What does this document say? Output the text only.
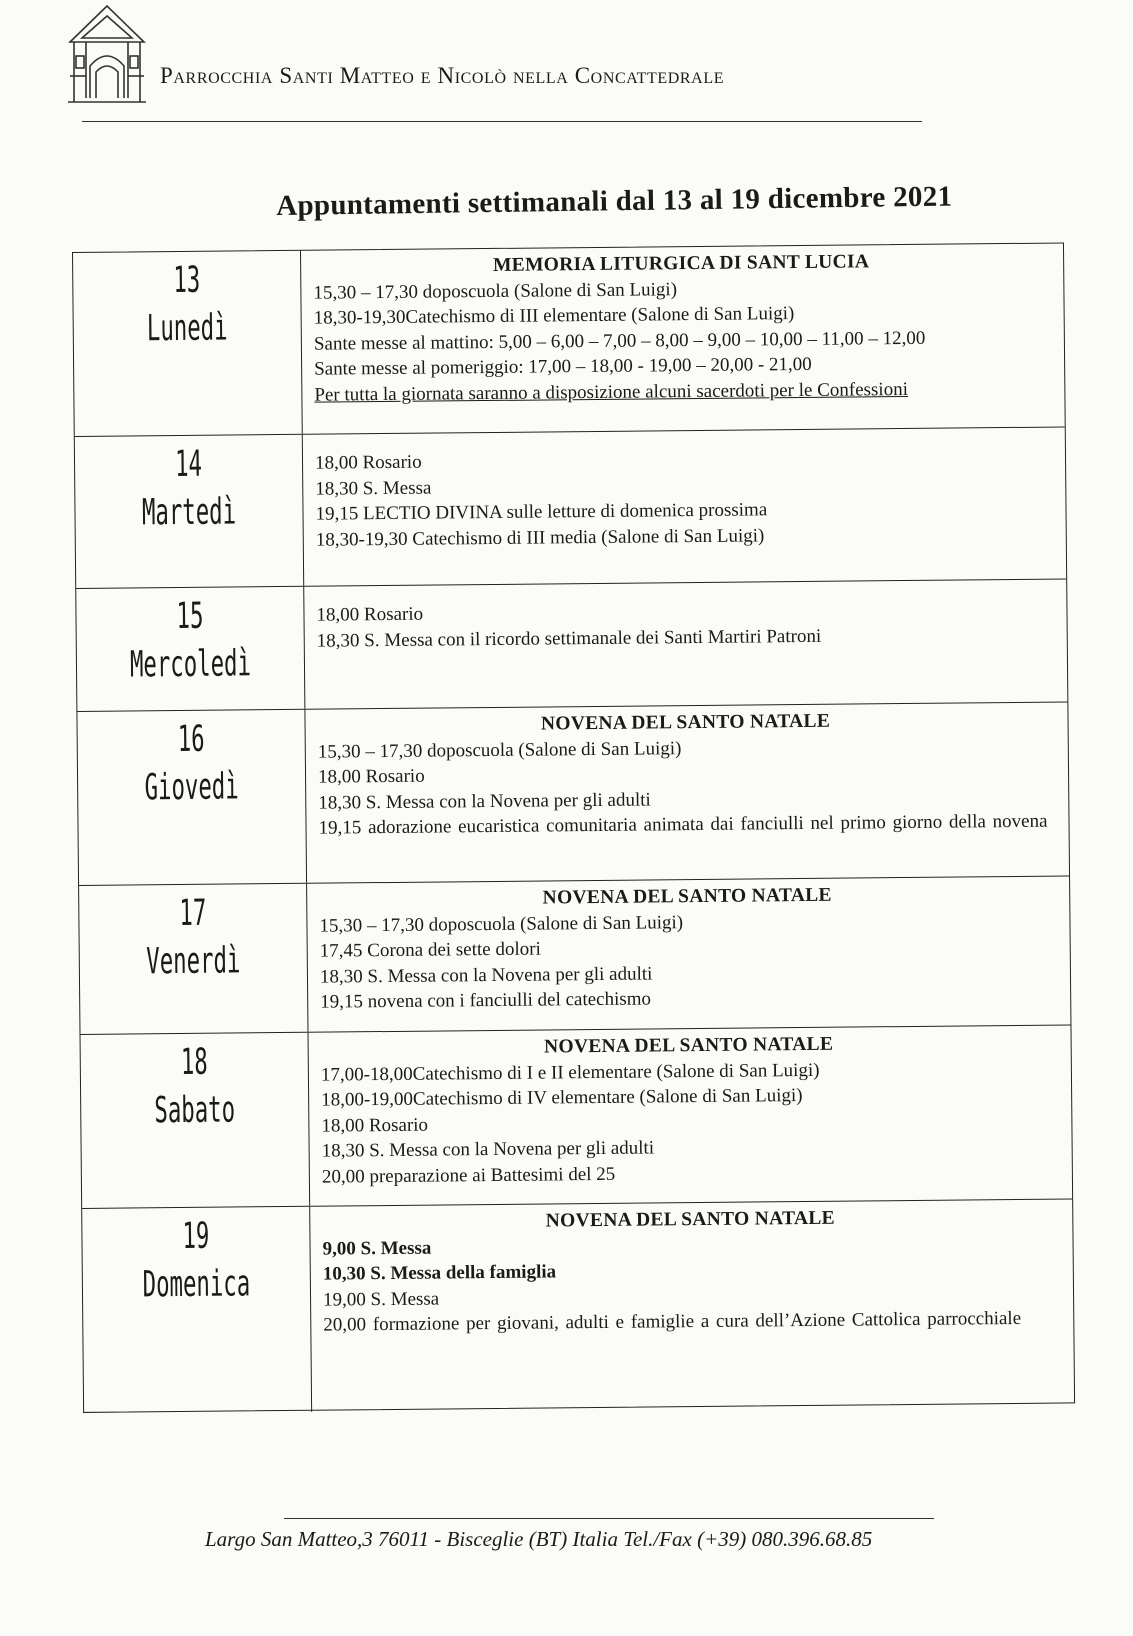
Parrocchia Santi Matteo e Nicolò nella Concattedrale
Appuntamenti settimanali dal 13 al 19 dicembre 2021
13
Lunedì
MEMORIA LITURGICA DI SANT LUCIA
15,30 – 17,30 doposcuola (Salone di San Luigi)
18,30-19,30Catechismo di III elementare (Salone di San Luigi)
Sante messe al mattino: 5,00 – 6,00 – 7,00 – 8,00 – 9,00 – 10,00 – 11,00 – 12,00
Sante messe al pomeriggio: 17,00 – 18,00 - 19,00 – 20,00 - 21,00
Per tutta la giornata saranno a disposizione alcuni sacerdoti per le Confessioni
14
Martedì
18,00 Rosario
18,30 S. Messa
19,15 LECTIO DIVINA sulle letture di domenica prossima
18,30-19,30 Catechismo di III media (Salone di San Luigi)
15
Mercoledì
18,00 Rosario
18,30 S. Messa con il ricordo settimanale dei Santi Martiri Patroni
16
Giovedì
NOVENA DEL SANTO NATALE
15,30 – 17,30 doposcuola (Salone di San Luigi)
18,00 Rosario
18,30 S. Messa con la Novena per gli adulti
19,15 adorazione eucaristica comunitaria animata dai fanciulli nel primo giorno della novena
17
Venerdì
NOVENA DEL SANTO NATALE
15,30 – 17,30 doposcuola (Salone di San Luigi)
17,45 Corona dei sette dolori
18,30 S. Messa con la Novena per gli adulti
19,15 novena con i fanciulli del catechismo
18
Sabato
NOVENA DEL SANTO NATALE
17,00-18,00Catechismo di I e II elementare (Salone di San Luigi)
18,00-19,00Catechismo di IV elementare (Salone di San Luigi)
18,00 Rosario
18,30 S. Messa con la Novena per gli adulti
20,00 preparazione ai Battesimi del 25
19
Domenica
NOVENA DEL SANTO NATALE
9,00 S. Messa
10,30 S. Messa della famiglia
19,00 S. Messa
20,00 formazione per giovani, adulti e famiglie a cura dell’Azione Cattolica parrocchiale
Largo San Matteo,3 76011 - Bisceglie (BT) Italia Tel./Fax (+39) 080.396.68.85
